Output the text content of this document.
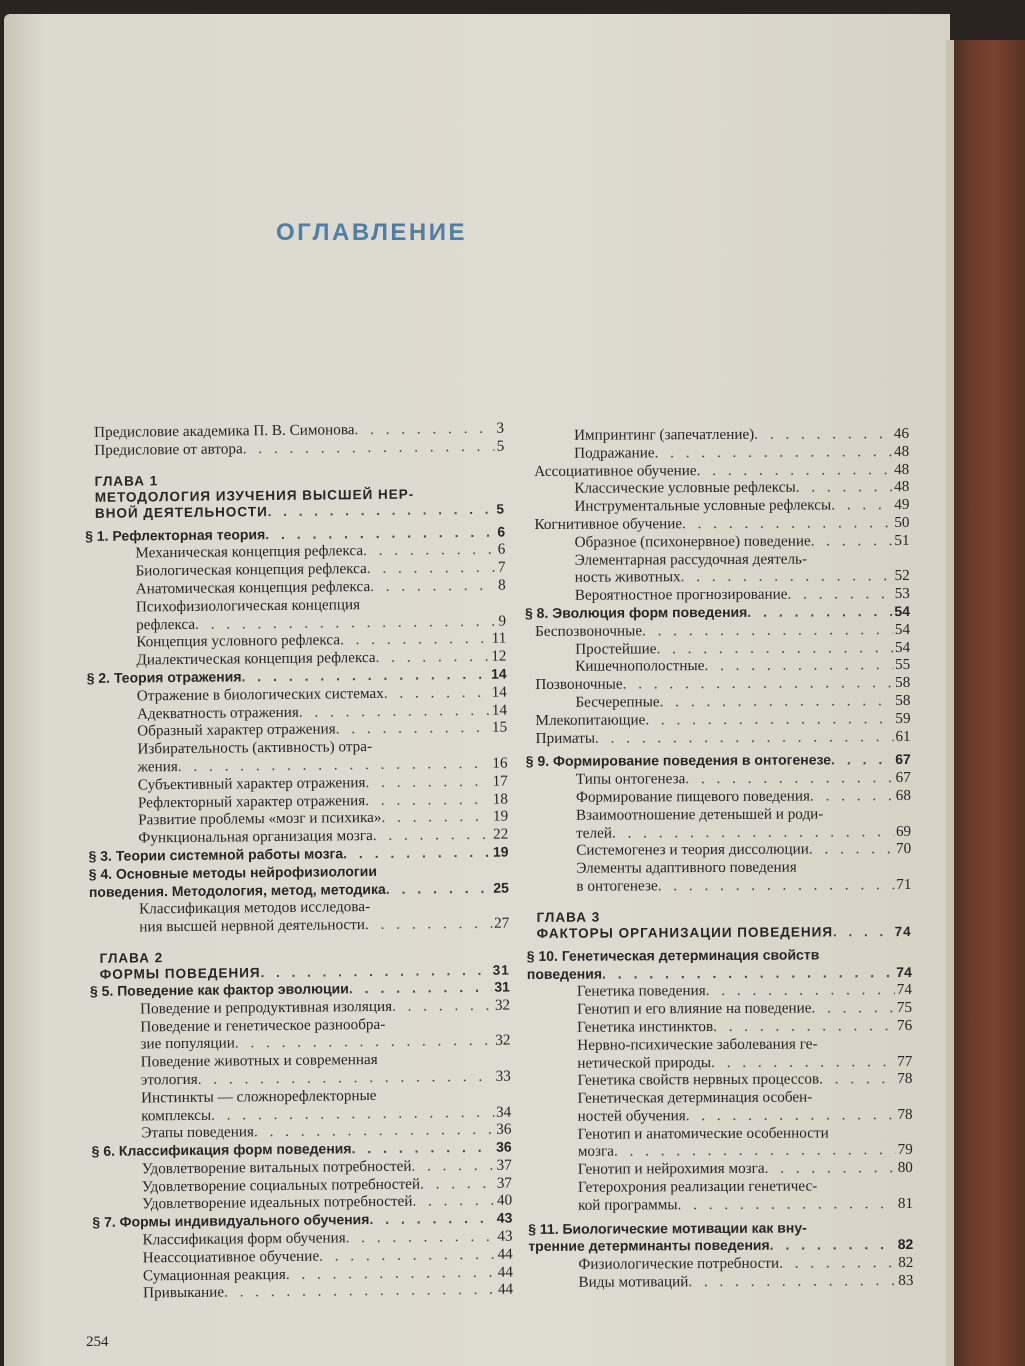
ОГЛАВЛЕНИЕ
Предисловие академика П. В. Симонова . . .	3
Предисловие от автора . . .	5
ГЛАВА 1
МЕТОДОЛОГИЯ ИЗУЧЕНИЯ ВЫСШЕЙ НЕР-
ВНОЙ ДЕЯТЕЛЬНОСТИ . . .	5
§ 1. Рефлекторная теория . . .	6
Механическая концепция рефлекса . . .	6
Биологическая концепция рефлекса . . .	7
Анатомическая концепция рефлекса . . .	8
Психофизиологическая концепция
рефлекса . . .	9
Концепция условного рефлекса . . .	11
Диалектическая концепция рефлекса . . .	12
§ 2. Теория отражения . . .	14
Отражение в биологических системах . . .	14
Адекватность отражения . . .	14
Образный характер отражения . . .	15
Избирательность (активность) отра-
жения . . .	16
Субъективный характер отражения . . .	17
Рефлекторный характер отражения . . .	18
Развитие проблемы «мозг и психика» . . .	19
Функциональная организация мозга . . .	22
§ 3. Теории системной работы мозга . . .	19
§ 4. Основные методы нейрофизиологии
поведения. Методология, метод, методика . . .	25
Классификация методов исследова-
ния высшей нервной деятельности . . .	27
ГЛАВА 2
ФОРМЫ ПОВЕДЕНИЯ . . .	31
§ 5. Поведение как фактор эволюции . . .	31
Поведение и репродуктивная изоляция . . .	32
Поведение и генетическое разнообра-
зие популяции . . .	32
Поведение животных и современная
этология . . .	33
Инстинкты — сложнорефлекторные
комплексы . . .	34
Этапы поведения . . .	36
§ 6. Классификация форм поведения . . .	36
Удовлетворение витальных потребностей . . .	37
Удовлетворение социальных потребностей . . .	37
Удовлетворение идеальных потребностей . . .	40
§ 7. Формы индивидуального обучения . . .	43
Классификация форм обучения . . .	43
Неассоциативное обучение . . .	44
Сумационная реакция . . .	44
Привыкание . . .	44
Импринтинг (запечатление) . . .	46
Подражание . . .	48
Ассоциативное обучение . . .	48
Классические условные рефлексы . . .	48
Инструментальные условные рефлексы . . .	49
Когнитивное обучение . . .	50
Образное (психонервное) поведение . . .	51
Элементарная рассудочная деятель-
ность животных . . .	52
Вероятностное прогнозирование . . .	53
§ 8. Эволюция форм поведения . . .	54
Беспозвоночные . . .	54
Простейшие . . .	54
Кишечнополостные . . .	55
Позвоночные . . .	58
Бесчерепные . . .	58
Млекопитающие . . .	59
Приматы . . .	61
§ 9. Формирование поведения в онтогенезе . . .	67
Типы онтогенеза . . .	67
Формирование пищевого поведения . . .	68
Взаимоотношение детенышей и роди-
телей . . .	69
Системогенез и теория диссолюции . . .	70
Элементы адаптивного поведения
в онтогенезе . . .	71
ГЛАВА 3
ФАКТОРЫ ОРГАНИЗАЦИИ ПОВЕДЕНИЯ . . .	74
§ 10. Генетическая детерминация свойств
поведения . . .	74
Генетика поведения . . .	74
Генотип и его влияние на поведение . . .	75
Генетика инстинктов . . .	76
Нервно-психические заболевания ге-
нетической природы . . .	77
Генетика свойств нервных процессов . . .	78
Генетическая детерминация особен-
ностей обучения . . .	78
Генотип и анатомические особенности
мозга . . .	79
Генотип и нейрохимия мозга . . .	80
Гетерохрония реализации генетичес-
кой программы . . .	81
§ 11. Биологические мотивации как вну-
тренние детерминанты поведения . . .	82
Физиологические потребности . . .	82
Виды мотиваций . . .	83
254
